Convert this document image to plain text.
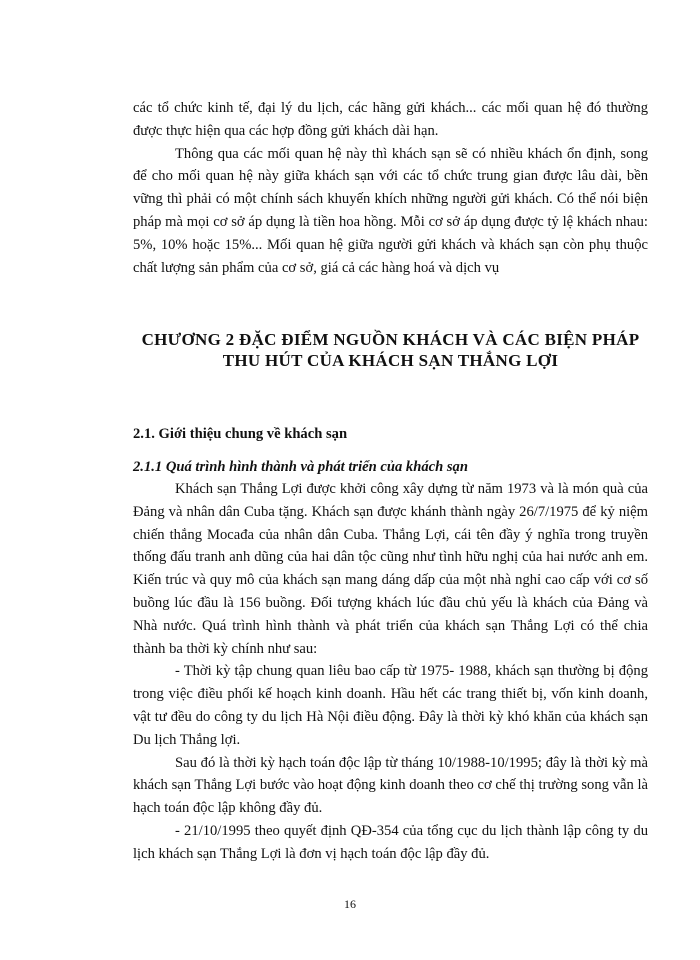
các tổ chức kinh tế, đại lý du lịch, các hãng gửi khách... các mối quan hệ đó thường được thực hiện qua các hợp đồng gửi khách dài hạn.

Thông qua các mối quan hệ này thì khách sạn sẽ có nhiều khách ổn định, song để cho mối quan hệ này giữa khách sạn với các tổ chức trung gian được lâu dài, bền vững thì phải có một chính sách khuyến khích những người gửi khách. Có thể nói biện pháp mà mọi cơ sở áp dụng là tiền hoa hồng. Mỗi cơ sở áp dụng được tỷ lệ khách nhau: 5%, 10% hoặc 15%... Mối quan hệ giữa người gửi khách và khách sạn còn phụ thuộc chất lượng sản phẩm của cơ sở, giá cả các hàng hoá và dịch vụ

CHƯƠNG 2 ĐẶC ĐIỂM NGUỒN KHÁCH VÀ CÁC BIỆN PHÁP THU HÚT CỦA KHÁCH SẠN THẮNG LỢI
2.1. Giới thiệu chung về khách sạn
2.1.1 Quá trình hình thành và phát triển của khách sạn

Khách sạn Thắng Lợi được khởi công xây dựng từ năm 1973 và là món quà của Đảng và nhân dân Cuba tặng. Khách sạn được khánh thành ngày 26/7/1975 để kỷ niệm chiến thắng Mocađa của nhân dân Cuba. Thắng Lợi, cái tên đầy ý nghĩa trong truyền thống đấu tranh anh dũng của hai dân tộc cũng như tình hữu nghị của hai nước anh em. Kiến trúc và quy mô của khách sạn mang dáng dấp của một nhà nghỉ cao cấp với cơ số buồng lúc đầu là 156 buồng. Đối tượng khách lúc đầu chủ yếu là khách của Đảng và Nhà nước. Quá trình hình thành và phát triển của khách sạn Thắng Lợi có thể chia thành ba thời kỳ chính như sau:

- Thời kỳ tập chung quan liêu bao cấp từ 1975- 1988, khách sạn thường bị động trong việc điều phối kế hoạch kinh doanh. Hầu hết các trang thiết bị, vốn kinh doanh, vật tư đều do công ty du lịch Hà Nội điều động. Đây là thời kỳ khó khăn của khách sạn Du lịch Thắng lợi.

Sau đó là thời kỳ hạch toán độc lập từ tháng 10/1988-10/1995; đây là thời kỳ mà khách sạn Thắng Lợi bước vào hoạt động kinh doanh theo cơ chế thị trường song vẫn là hạch toán độc lập không đầy đủ.

- 21/10/1995 theo quyết định QĐ-354 của tổng cục du lịch thành lập công ty du lịch khách sạn Thắng Lợi là đơn vị hạch toán độc lập đầy đủ.

16
